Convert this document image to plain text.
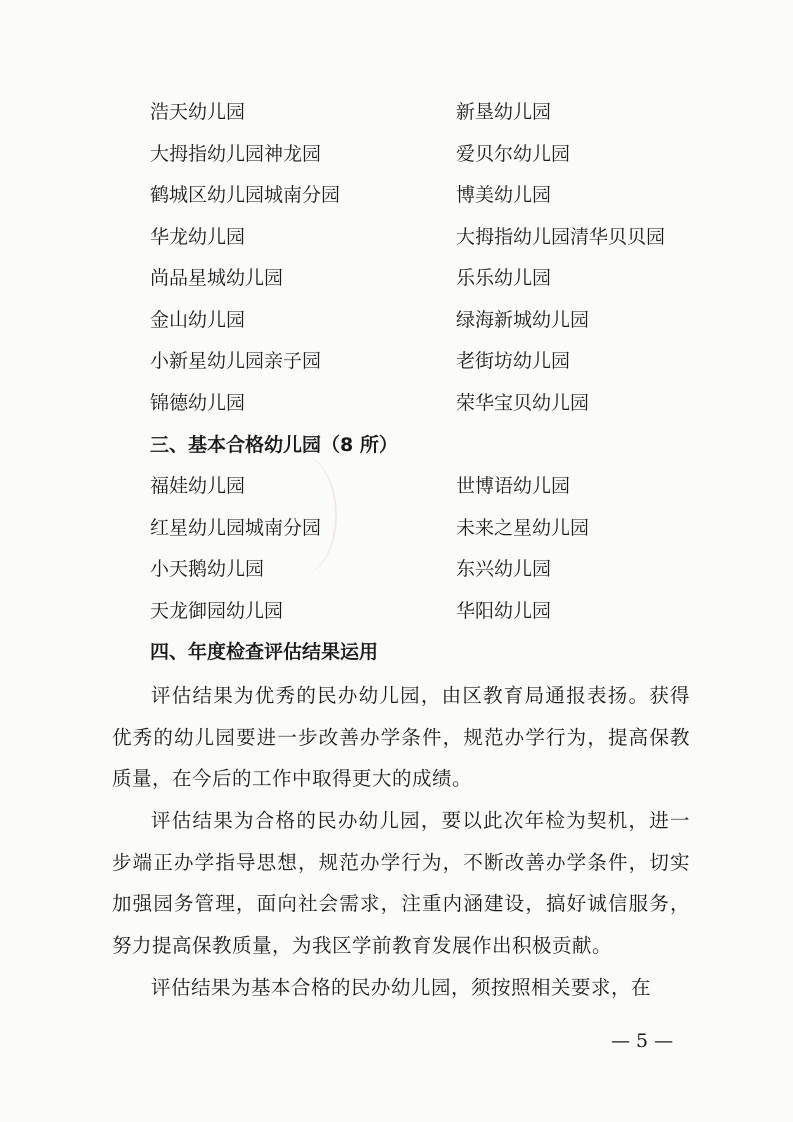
浩天幼儿园	新垦幼儿园
大拇指幼儿园神龙园	爱贝尔幼儿园
鹤城区幼儿园城南分园	博美幼儿园
华龙幼儿园	大拇指幼儿园清华贝贝园
尚品星城幼儿园	乐乐幼儿园
金山幼儿园	绿海新城幼儿园
小新星幼儿园亲子园	老街坊幼儿园
锦德幼儿园	荣华宝贝幼儿园
三、基本合格幼儿园（8 所）
福娃幼儿园	世博语幼儿园
红星幼儿园城南分园	未来之星幼儿园
小天鹅幼儿园	东兴幼儿园
天龙御园幼儿园	华阳幼儿园
四、年度检查评估结果运用
评估结果为优秀的民办幼儿园，由区教育局通报表扬。获得优秀的幼儿园要进一步改善办学条件，规范办学行为，提高保教质量，在今后的工作中取得更大的成绩。
评估结果为合格的民办幼儿园，要以此次年检为契机，进一步端正办学指导思想，规范办学行为，不断改善办学条件，切实加强园务管理，面向社会需求，注重内涵建设，搞好诚信服务，努力提高保教质量，为我区学前教育发展作出积极贡献。
评估结果为基本合格的民办幼儿园，须按照相关要求，在
— 5 —
